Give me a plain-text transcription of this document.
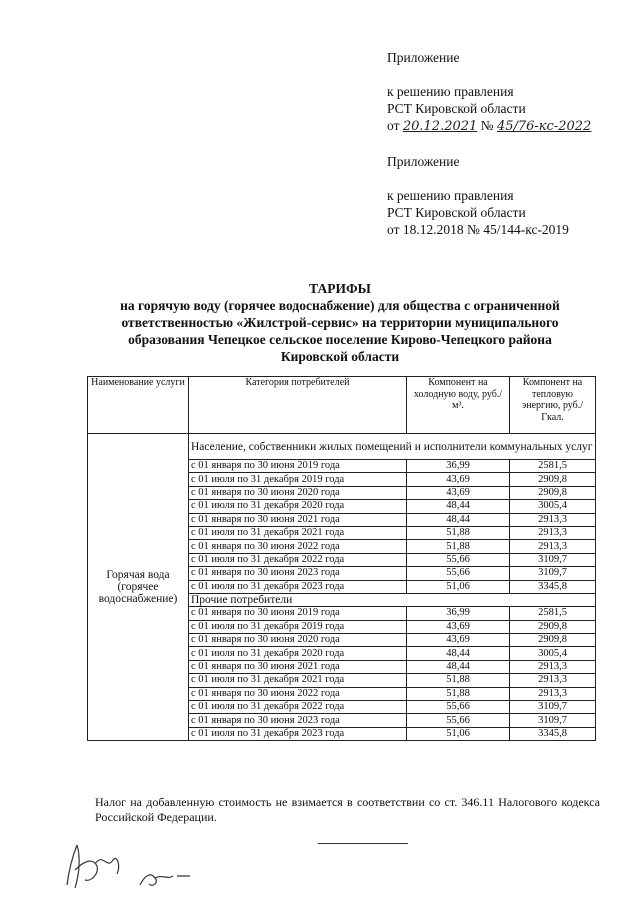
Приложение
к решению правления
РСТ Кировской области
от 20.12.2021 № 45/76-кс-2022
Приложение
к решению правления
РСТ Кировской области
от 18.12.2018 № 45/144-кс-2019
ТАРИФЫ
на горячую воду (горячее водоснабжение) для общества с ограниченной
ответственностью «Жилстрой-сервис» на территории муниципального
образования Чепецкое сельское поселение Кирово-Чепецкого района
Кировской области
Наименование услуги	Категория потребителей	Компонент на холодную воду, руб./м³.	Компонент на тепловую энергию, руб./Гкал.
Горячая вода (горячее водоснабжение)	Население, собственники жилых помещений и исполнители коммунальных услуг		
	с 01 января по 30 июня 2019 года	36,99	2581,5
	с 01 июля по 31 декабря 2019 года	43,69	2909,8
	с 01 января по 30 июня 2020 года	43,69	2909,8
	с 01 июля по 31 декабря 2020 года	48,44	3005,4
	с 01 января по 30 июня 2021 года	48,44	2913,3
	с 01 июля по 31 декабря 2021 года	51,88	2913,3
	с 01 января по 30 июня 2022 года	51,88	2913,3
	с 01 июля по 31 декабря 2022 года	55,66	3109,7
	с 01 января по 30 июня 2023 года	55,66	3109,7
	с 01 июля по 31 декабря 2023 года	51,06	3345,8
	Прочие потребители		
	с 01 января по 30 июня 2019 года	36,99	2581,5
	с 01 июля по 31 декабря 2019 года	43,69	2909,8
	с 01 января по 30 июня 2020 года	43,69	2909,8
	с 01 июля по 31 декабря 2020 года	48,44	3005,4
	с 01 января по 30 июня 2021 года	48,44	2913,3
	с 01 июля по 31 декабря 2021 года	51,88	2913,3
	с 01 января по 30 июня 2022 года	51,88	2913,3
	с 01 июля по 31 декабря 2022 года	55,66	3109,7
	с 01 января по 30 июня 2023 года	55,66	3109,7
	с 01 июля по 31 декабря 2023 года	51,06	3345,8
Налог на добавленную стоимость не взимается в соответствии со ст. 346.11 Налогового кодекса Российской Федерации.
